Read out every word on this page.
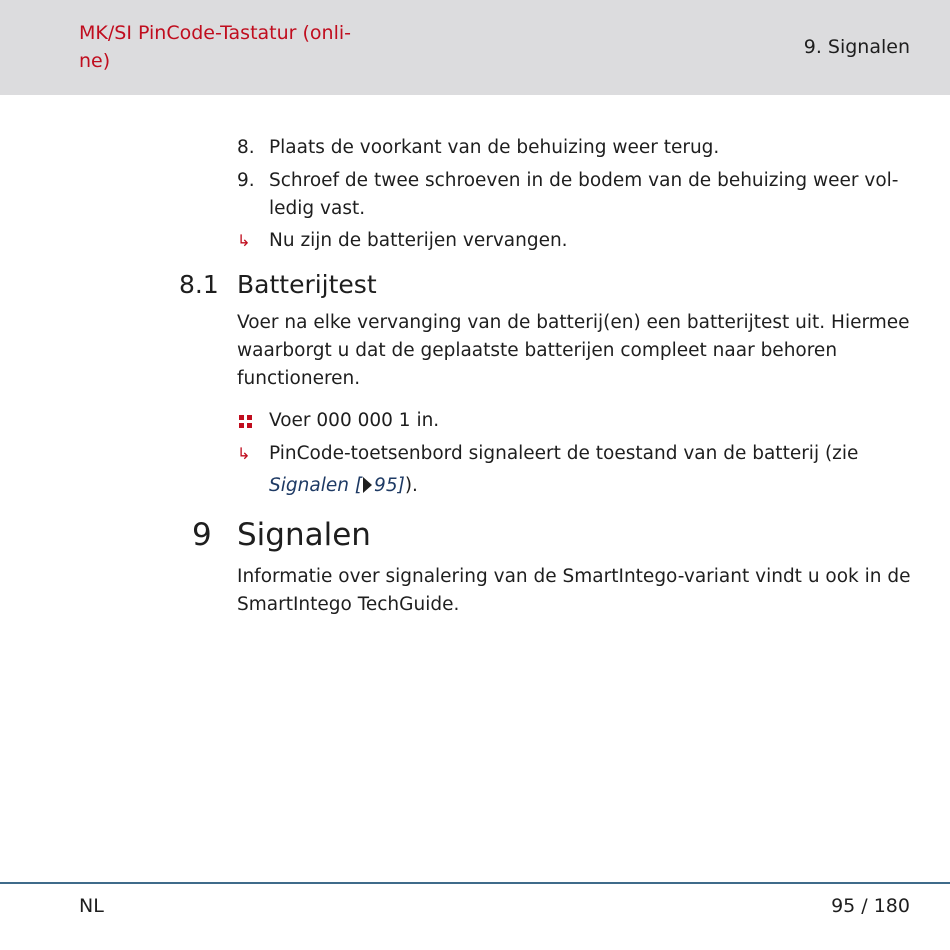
MK/SI PinCode-Tastatur (onli-
ne)
9. Signalen
8. Plaats de voorkant van de behuizing weer terug.
9. Schroef de twee schroeven in de bodem van de behuizing weer vol-
ledig vast.
↳ Nu zijn de batterijen vervangen.
8.1 Batterijtest
Voer na elke vervanging van de batterij(en) een batterijtest uit. Hiermee
waarborgt u dat de geplaatste batterijen compleet naar behoren
functioneren.
Voer 000 000 1 in.
↳ PinCode-toetsenbord signaleert de toestand van de batterij (zie
Signalen [ 95]).
9 Signalen
Informatie over signalering van de SmartIntego-variant vindt u ook in de
SmartIntego TechGuide.
NL	95 / 180
